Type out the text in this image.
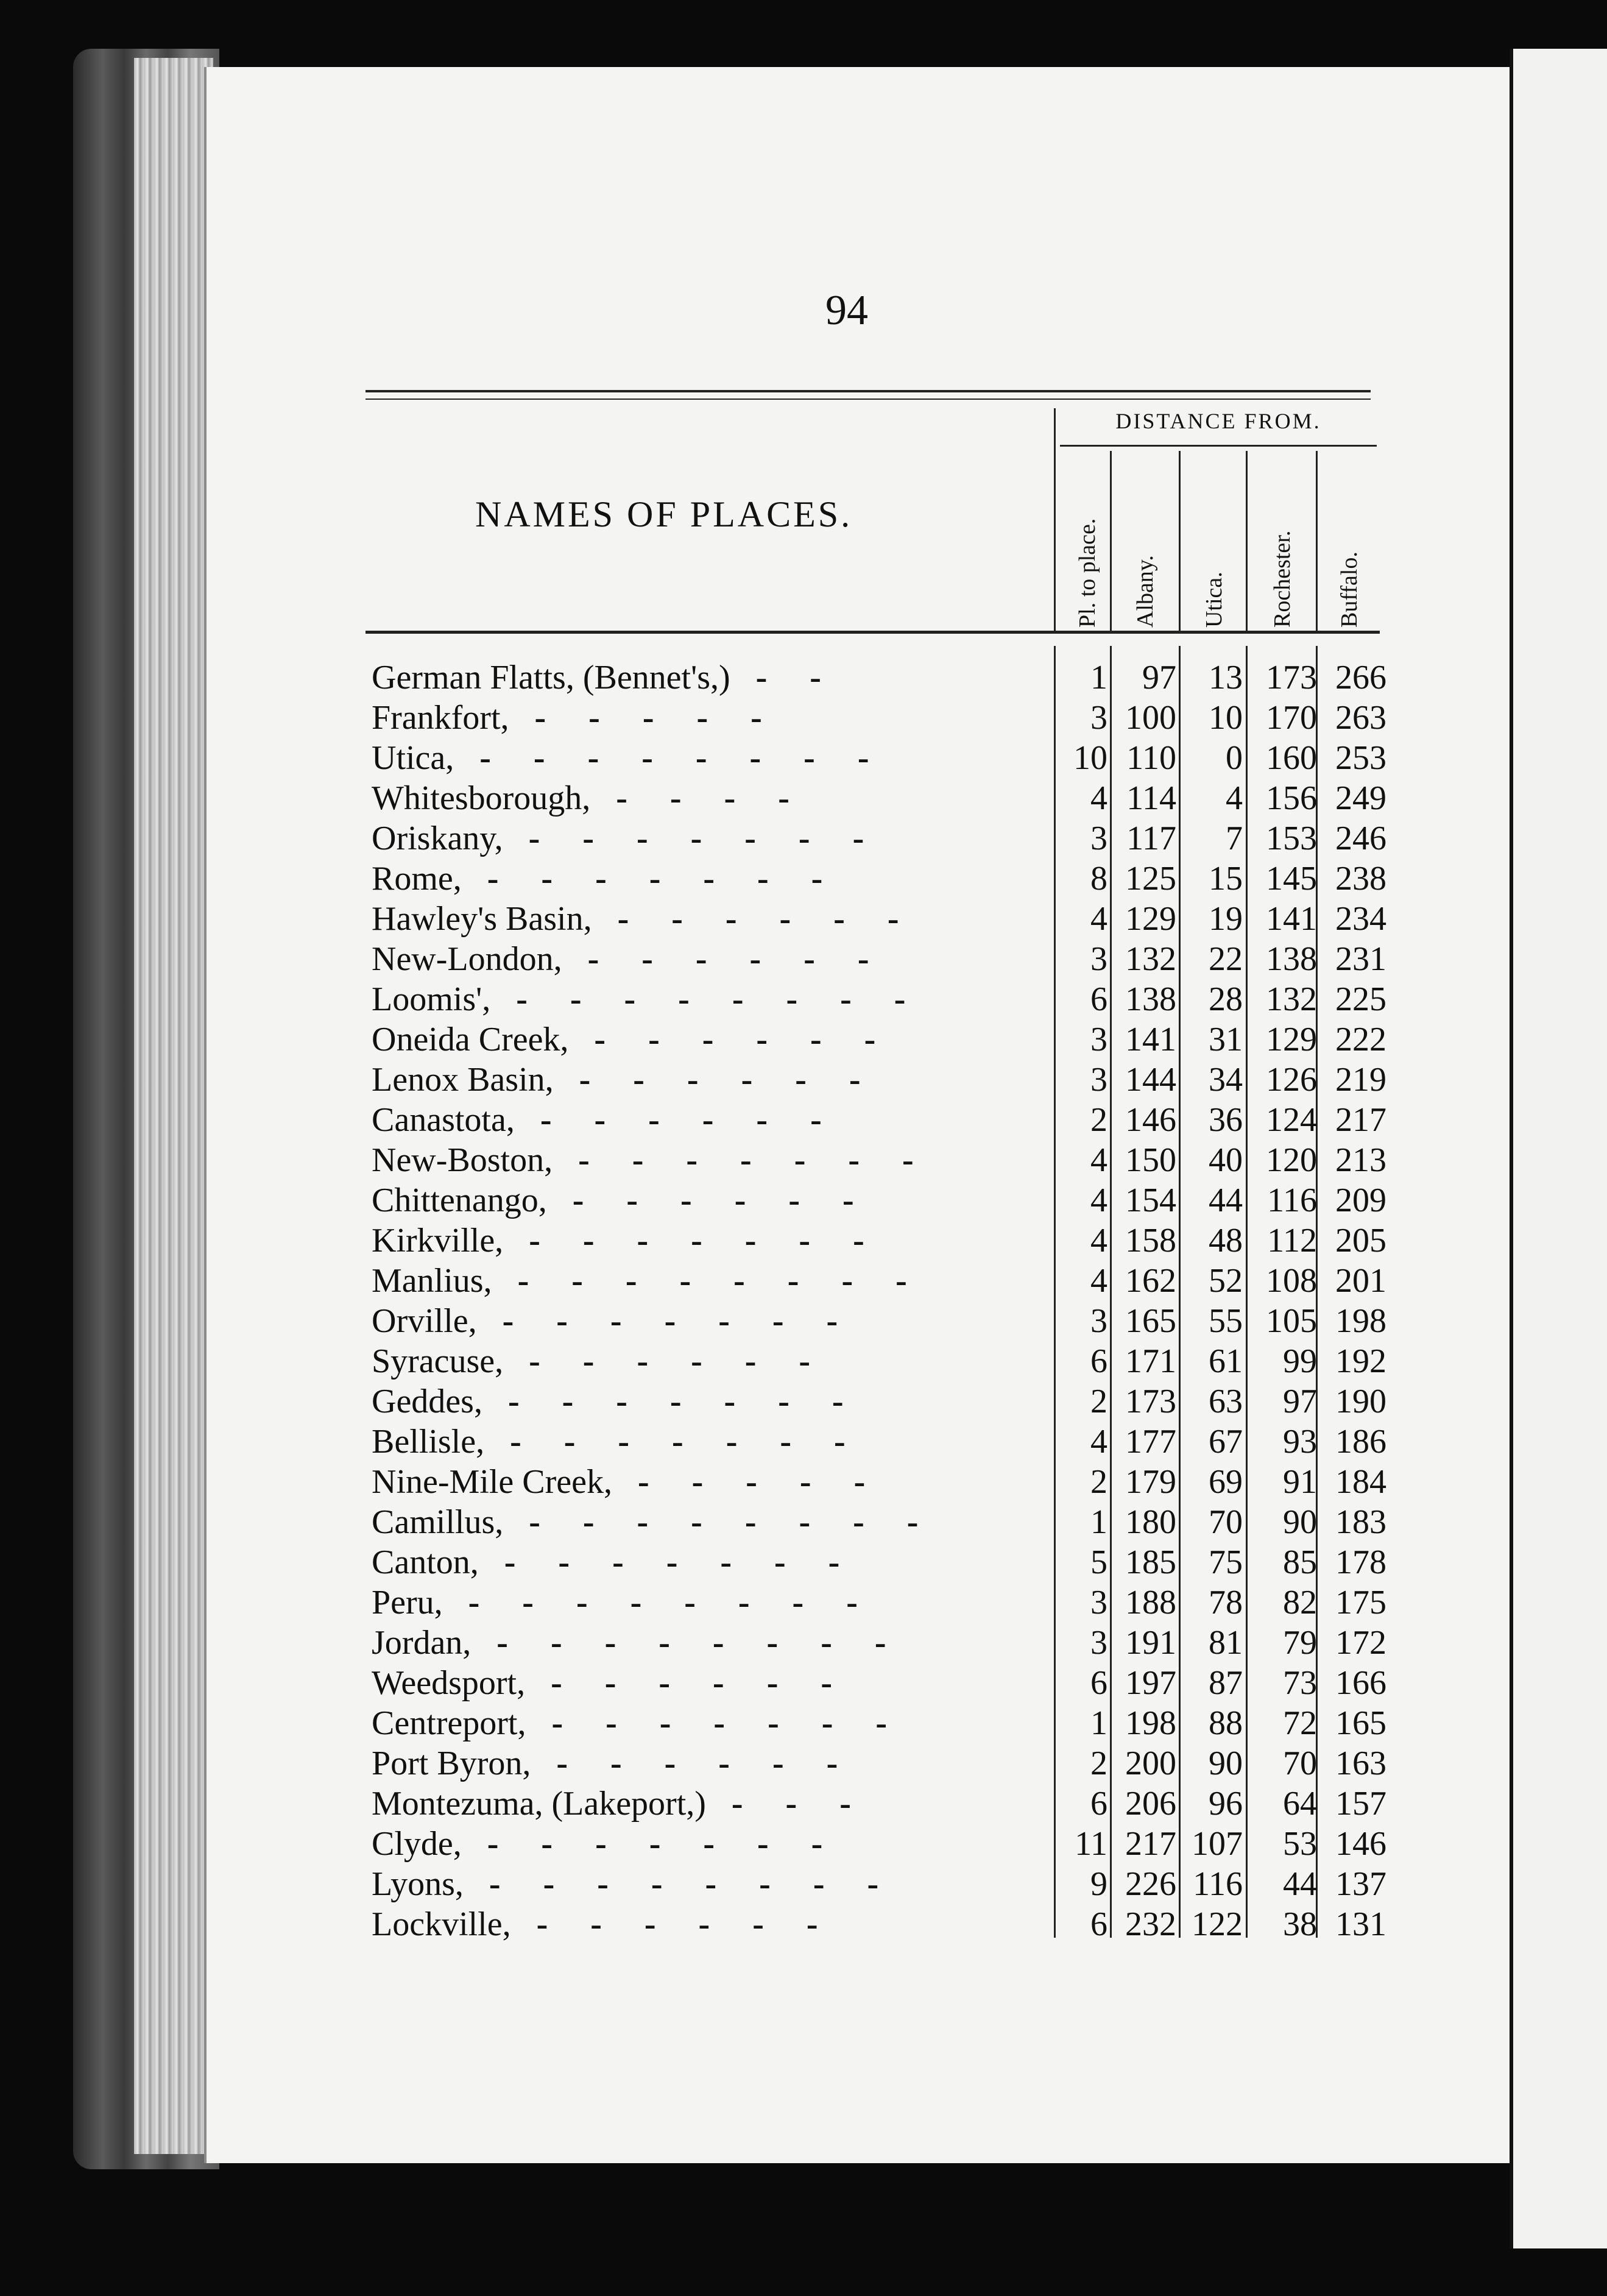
94
DISTANCE FROM.
NAMES OF PLACES.
Pl. to place. Albany. Utica. Rochester. Buffalo.
German Flatts, (Bennet's,) - -	1	97 13 173 266
Frankfort, - - - - -	3 100 10 170 263
Utica, - - - - - - - -	10 110	0 160 253
Whitesborough, - - - -	4 114	4 156 249
Oriskany, - - - - - - -	3 117	7 153 246
Rome, - - - - - - -	8 125 15 145 238
Hawley's Basin, - - - - - -	4 129 19 141 234
New-London, - - - - - -	3 132 22 138 231
Loomis', - - - - - - - -	6 138 28 132 225
Oneida Creek, - - - - - -	3 141 31 129 222
Lenox Basin, - - - - - -	3 144 34 126 219
Canastota, - - - - - -	2 146 36 124 217
New-Boston, - - - - - - -	4 150 40 120 213
Chittenango, - - - - - -	4 154 44 116 209
Kirkville, - - - - - - -	4 158 48 112 205
Manlius, - - - - - - - -	4 162 52 108 201
Orville, - - - - - - -	3 165 55 105 198
Syracuse, - - - - - -	6 171 61	99 192
Geddes, - - - - - - -	2 173 63	97 190
Bellisle, - - - - - - -	4 177 67	93 186
Nine-Mile Creek, - - - - -	2 179 69	91 184
Camillus, - - - - - - - -	1 180 70	90 183
Canton, - - - - - - -	5 185 75	85 178
Peru, - - - - - - - -	3 188 78	82 175
Jordan, - - - - - - - -	3 191 81	79 172
Weedsport, - - - - - -	6 197 87	73 166
Centreport, - - - - - - -	1 198 88	72 165
Port Byron, - - - - - -	2 200 90	70 163
Montezuma, (Lakeport,) - - -	6 206 96	64 157
Clyde, - - - - - - -	11 217 107	53 146
Lyons, - - - - - - - -	9 226 116	44 137
Lockville, - - - - - -	6 232 122	38 131
